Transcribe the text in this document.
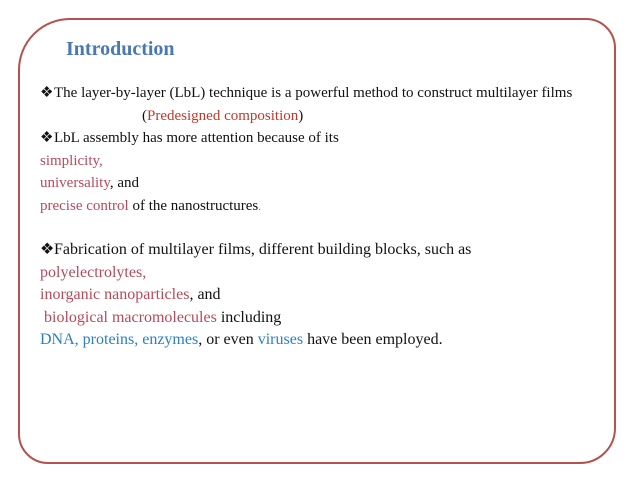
Introduction
❖The layer-by-layer (LbL) technique is a powerful method to construct multilayer films
(Predesigned composition)
❖LbL assembly has more attention because of its
simplicity,
universality, and
precise control of the nanostructures.
❖Fabrication of multilayer films, different building blocks, such as
polyelectrolytes,
inorganic nanoparticles, and
biological macromolecules including
DNA, proteins, enzymes, or even viruses have been employed.
